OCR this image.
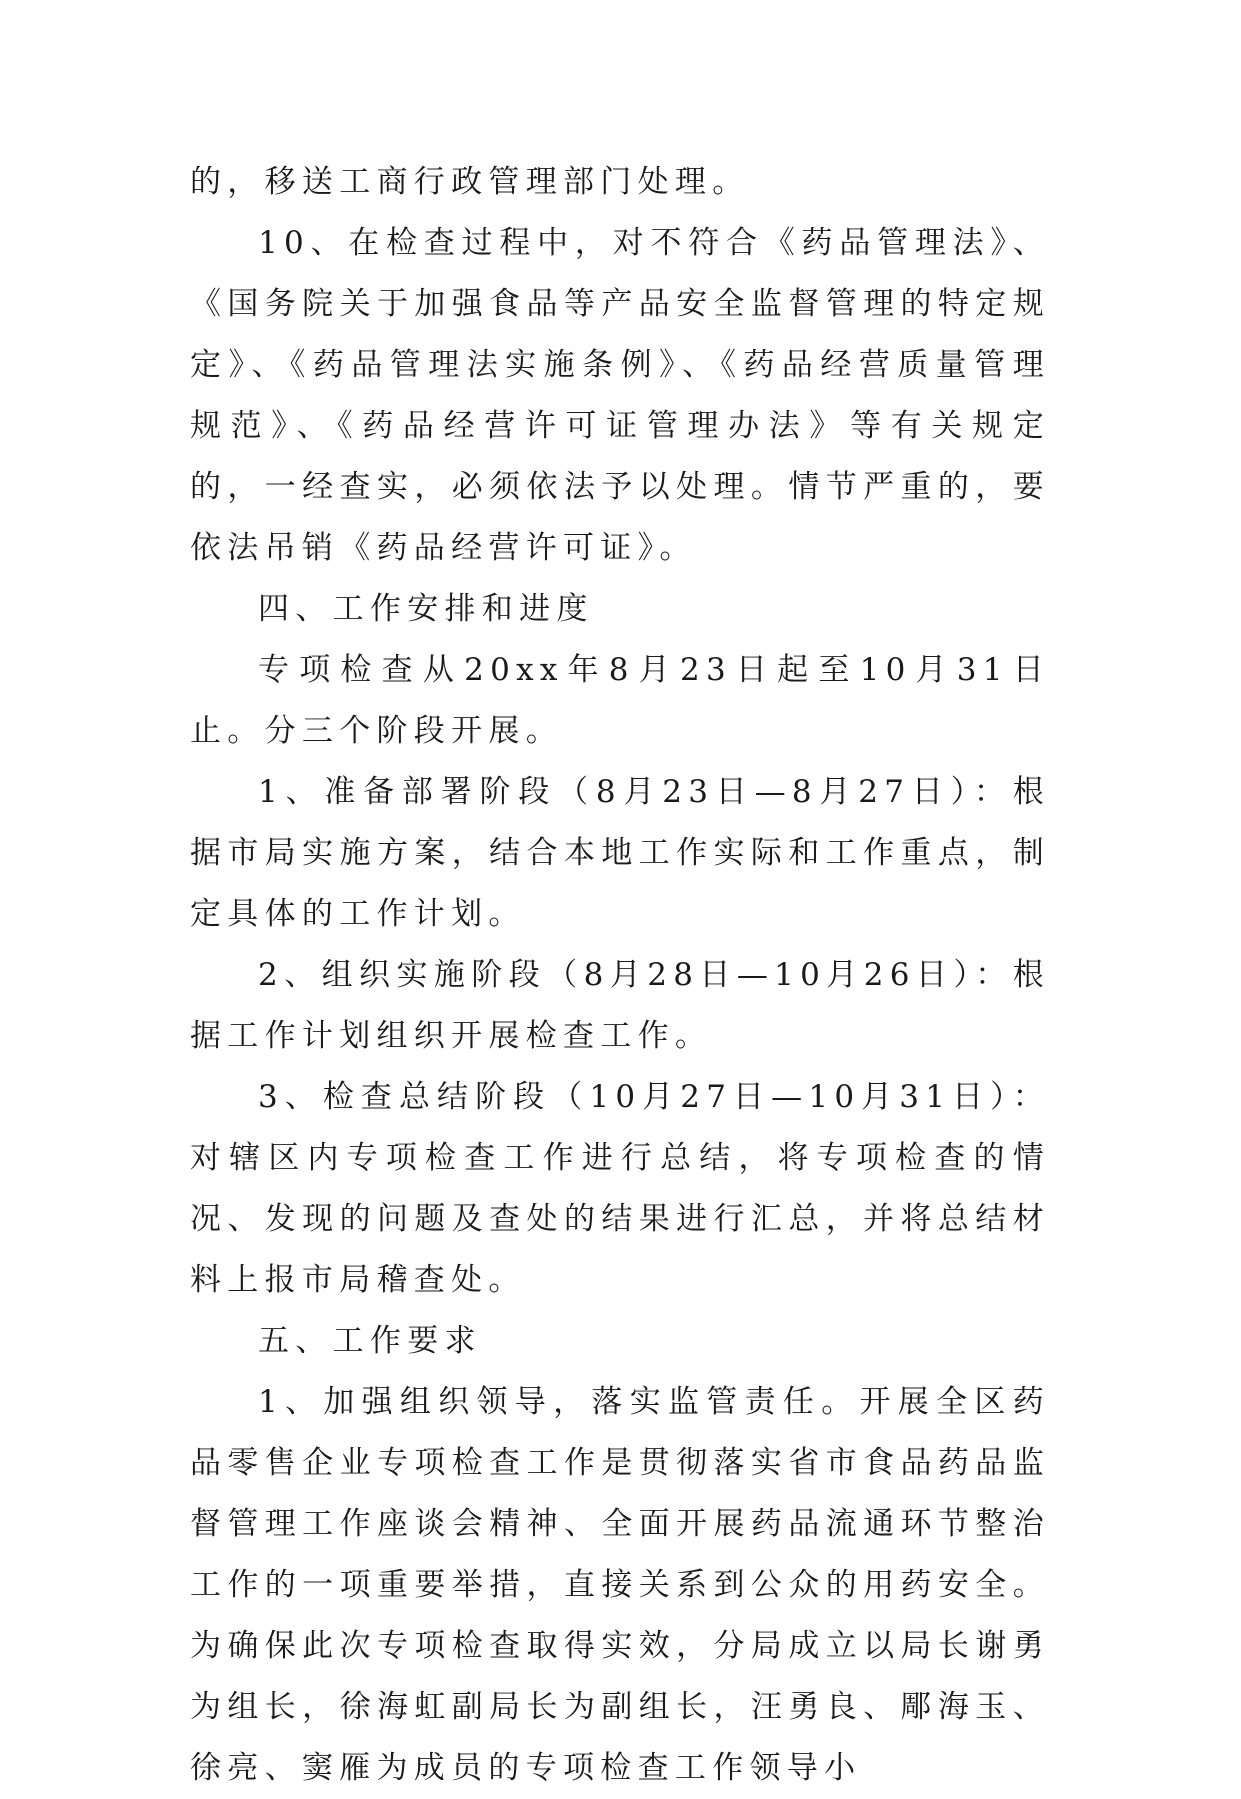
的，移送工商行政管理部门处理。

10、在检查过程中，对不符合《药品管理法》、《国务院关于加强食品等产品安全监督管理的特定规定》、《药品管理法实施条例》、《药品经营质量管理规范》、《药品经营许可证管理办法》等有关规定的，一经查实，必须依法予以处理。情节严重的，要依法吊销《药品经营许可证》。

四、工作安排和进度

专项检查从20xx年8月23日起至10月31日止。分三个阶段开展。

1、准备部署阶段（8月23日—8月27日）：根据市局实施方案，结合本地工作实际和工作重点，制定具体的工作计划。

2、组织实施阶段（8月28日—10月26日）：根据工作计划组织开展检查工作。

3、检查总结阶段（10月27日—10月31日）：对辖区内专项检查工作进行总结，将专项检查的情况、发现的问题及查处的结果进行汇总，并将总结材料上报市局稽查处。

五、工作要求

1、加强组织领导，落实监管责任。开展全区药品零售企业专项检查工作是贯彻落实省市食品药品监督管理工作座谈会精神、全面开展药品流通环节整治工作的一项重要举措，直接关系到公众的用药安全。为确保此次专项检查取得实效，分局成立以局长谢勇为组长，徐海虹副局长为副组长，汪勇良、郮海玉、徐亮、窦雁为成员的专项检查工作领导小
